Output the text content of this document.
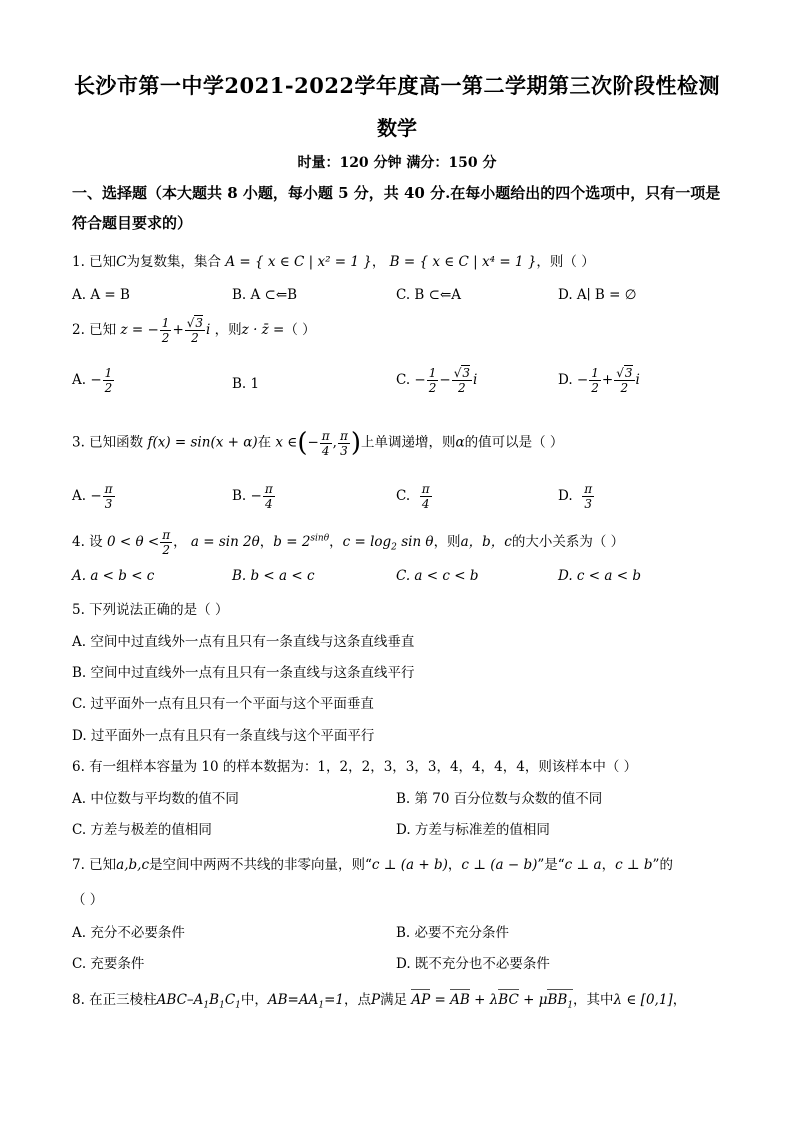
长沙市第一中学2021-2022学年度高一第二学期第三次阶段性检测
数学
时量：120 分钟 满分：150 分
一、选择题（本大题共 8 小题，每小题 5 分，共 40 分.在每小题给出的四个选项中，只有一项是符合题目要求的）
1. 已知C为复数集，集合 A = { x ∈ C | x² = 1 }， B = { x ∈ C | x⁴ = 1 }，则（ ）
A. A = B	B. A ⊂⇐B	C. B ⊂⇐A	D. A∣ B = ∅
2. 已知 z = − $\frac{1}{2} + \frac{√3}{2}$ i ，则z · z̄ =（ ）
A. − $\frac{1}{2}$	B. 1	C. − $\frac{1}{2} - \frac{√3}{2}$ i	D. − $\frac{1}{2} + \frac{√3}{2}$ i
3. 已知函数 f(x) = sin(x + α)在 x ∈(− $\frac{\pi}{4}$ , $\frac{\pi}{3}$ )上单调递增，则α的值可以是（ ）
A. − $\frac{\pi}{3}$	B. − $\frac{\pi}{4}$	C. $\frac{\pi}{4}$	D. $\frac{\pi}{3}$
4. 设 $0 < \theta < \frac{\pi}{2}$ ， a = sin 2θ，$b = 2^{sin\theta}$，$c = \log_2 \sin \theta$，则a，b，c的大小关系为（ ）
A. a < b < c	B. b < a < c	C. a < c < b	D. c < a < b
5. 下列说法正确的是（ ）
A. 空间中过直线外一点有且只有一条直线与这条直线垂直
B. 空间中过直线外一点有且只有一条直线与这条直线平行
C. 过平面外一点有且只有一个平面与这个平面垂直
D. 过平面外一点有且只有一条直线与这个平面平行
6. 有一组样本容量为 10 的样本数据为：1，2，2，3，3，3，4，4，4，4，则该样本中（ ）
A. 中位数与平均数的值不同	B. 第 70 百分位数与众数的值不同
C. 方差与极差的值相同	D. 方差与标准差的值相同
7. 已知a,b,c是空间中两两不共线的非零向量，则“c ⊥ (a + b)，c ⊥ (a − b)”是“c ⊥ a，c ⊥ b”的
（ ）
A. 充分不必要条件	B. 必要不充分条件
C. 充要条件	D. 既不充分也不必要条件
8. 在正三棱柱ABC–$A_1B_1C_1$中，$AB=AA_1=1$，点P满足 AP = AB + λBC + μBB$_1$，其中λ ∈ [0,1]，
